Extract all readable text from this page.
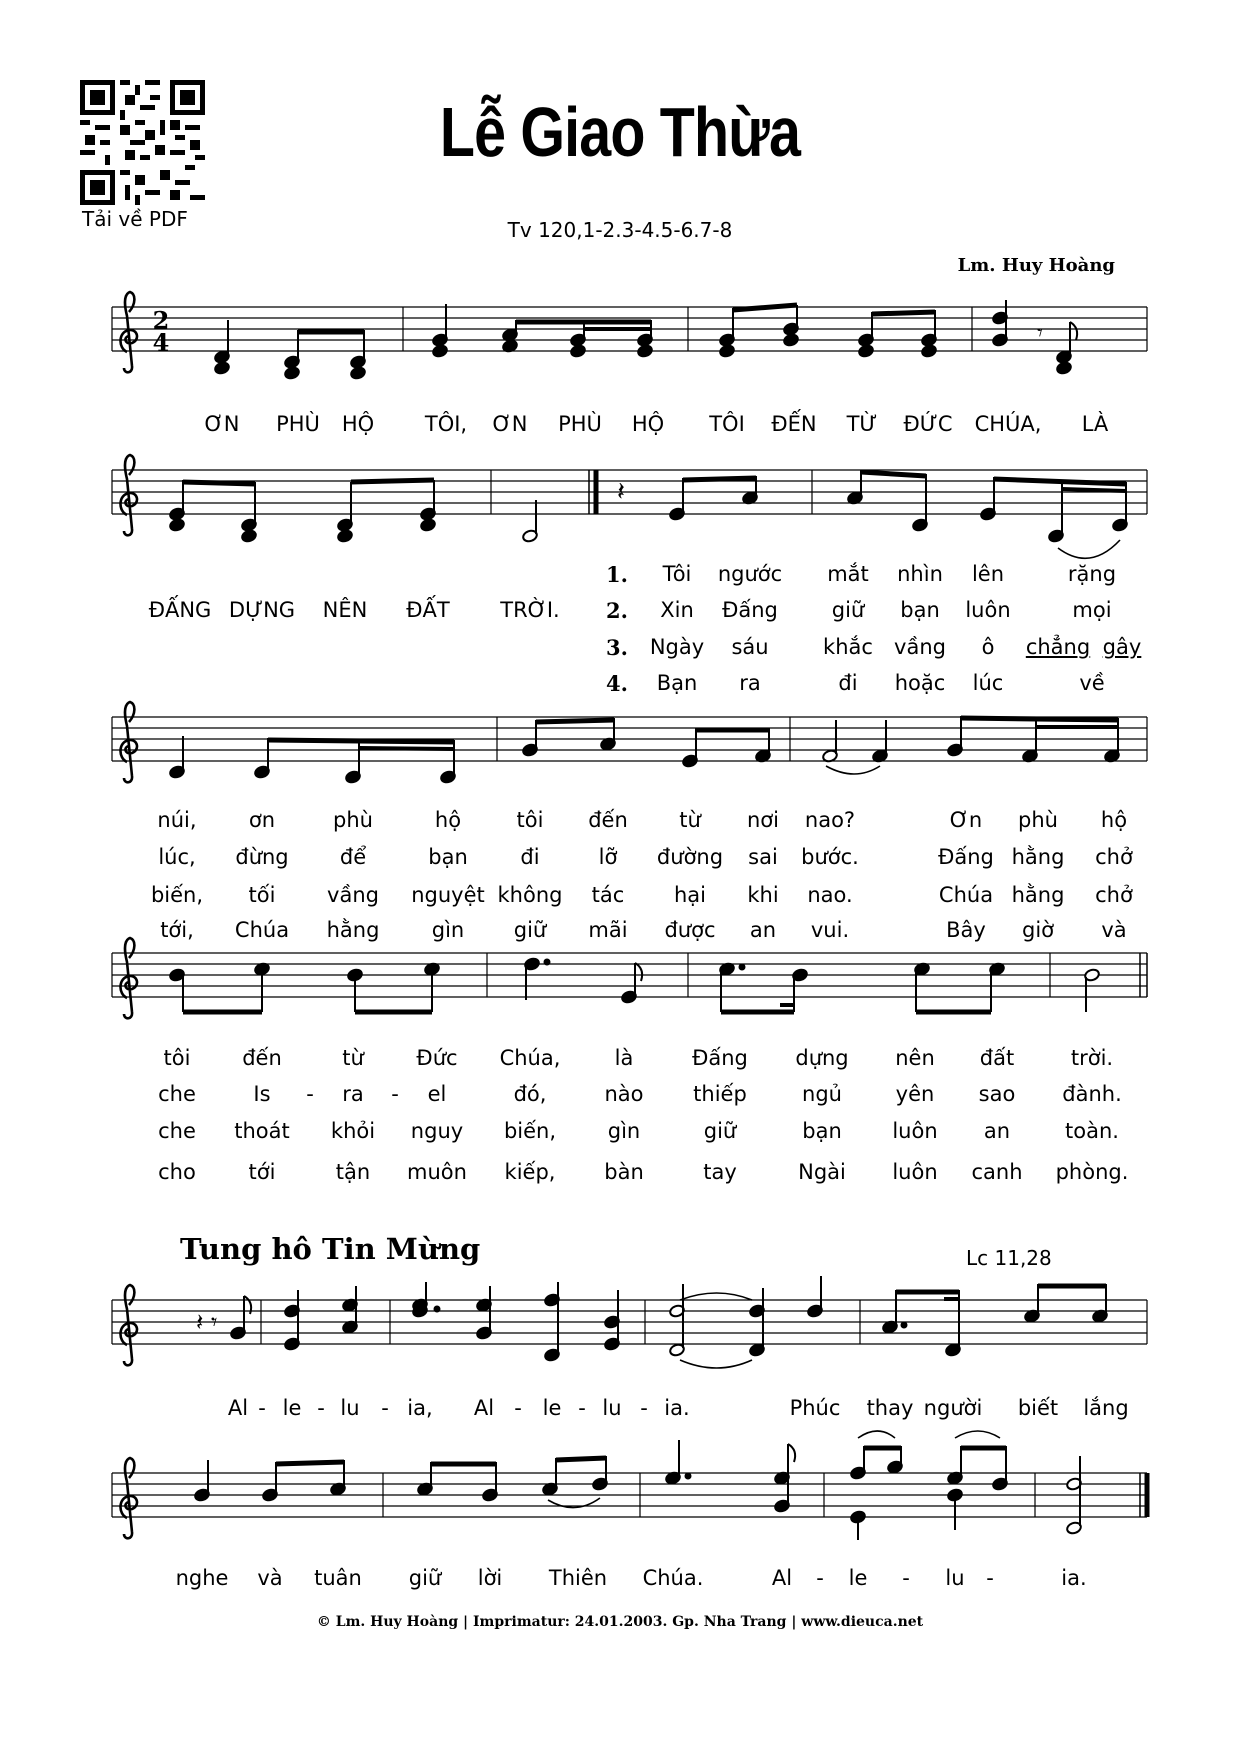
Tải về PDF
Lễ Giao Thừa
Tv 120,1-2.3-4.5-6.7-8
Lm. Huy Hoàng
2
4	𝄾
𝄽
𝄽 𝄾
ƠN PHÙ HỘ TÔI, ƠN PHÙ HỘ TÔI ĐẾN TỪ ĐỨC CHÚA, LÀ
ĐẤNG DỰNG NÊN ĐẤT TRỜI.
1. Tôi ngước mắt nhìn lên	rặng
2. Xin Đấng	giữ bạn luôn	mọi
3. Ngày sáu	khắc vầng ô chẳng gây
4. Bạn ra	đi hoặc lúc	về
núi, ơn	phù	hộ	tôi đến từ nơi nao?	Ơn phù hộ
lúc, đừng để	bạn	đi	lỡ đường sai bước.	Đấng hằng chở
biến, tối vầng nguyệt không tác hại khi nao.	Chúa hằng chở
tới, Chúa hằng gìn giữ mãi được an vui.	Bây giờ và
tôi đến	từ	Đức Chúa,	là	Đấng dựng nên đất	trời.
che	Is - ra - el	đó,	nào thiếp	ngủ	yên sao đành.
che thoát khỏi nguy biến, gìn	giữ	bạn luôn an	toàn.
cho	tới	tận muôn kiếp, bàn	tay	Ngài luôn canh phòng.
Tung hô Tin Mừng	Lc 11,28
Al - le - lu - ia, Al - le - lu - ia.	Phúc thay người biết lắng
nghe và tuân giữ lời Thiên Chúa.	Al - le - lu -	ia.
© Lm. Huy Hoàng | Imprimatur: 24.01.2003. Gp. Nha Trang | www.dieuca.net
